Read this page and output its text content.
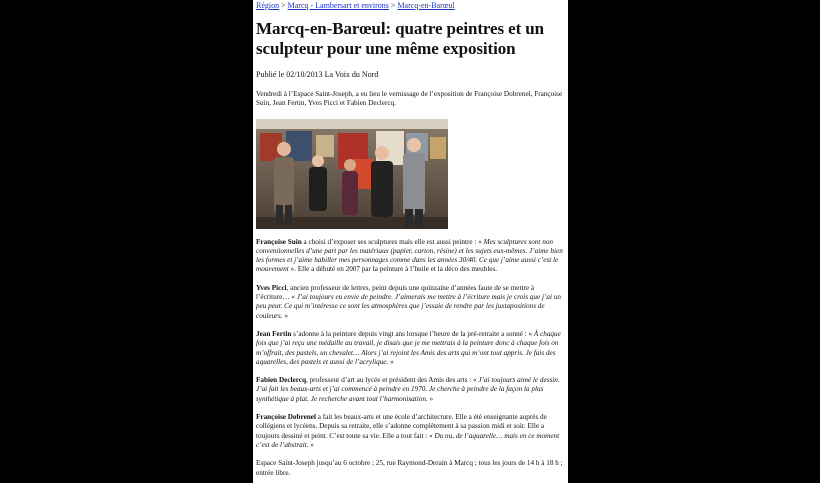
Région > Marcq - Lambersart et environs > Marcq-en-Barœul
Marcq-en-Barœul: quatre peintres et un sculpteur pour une même exposition
Publié le 02/10/2013 La Voix du Nord

Vendredi à l’Espace Saint-Joseph, a eu lieu le vernissage de l’exposition de Françoise Dobrenel, Françoise Suin, Jean Fertin, Yves Picci et Fabien Declercq.

Françoise Suin a choisi d’exposer ses sculptures mais elle est aussi peintre : « Mes sculptures sont non conventionnelles d’une part par les matériaux (papier, carton, résine) et les sujets eux-mêmes. J’aime bien les formes et j’aime habiller mes personnages comme dans les années 30/40. Ce que j’aime aussi c’est le mouvement ». Elle a débuté en 2007 par la peinture à l’huile et la déco des meubles.

Yves Picci, ancien professeur de lettres, peint depuis une quinzaine d’années faute de se mettre à l’écriture… « J’ai toujours eu envie de peindre. J’aimerais me mettre à l’écriture mais je crois que j’ai un peu peur. Ce qui m’intéresse ce sont les atmosphères que j’essaie de rendre par les juxtapositions de couleurs. »

Jean Fertin s’adonne à la peinture depuis vingt ans lorsque l’heure de la pré-retraite a sonné : « À chaque fois que j’ai reçu une médaille au travail, je disais que je me mettrais à la peinture donc à chaque fois on m’offrait, des pastels, un chevalet… Alors j’ai rejoint les Amis des arts qui m’ont tout appris. Je fais des aquarelles, des pastels et aussi de l’acrylique. »

Fabien Declercq, professeur d’art au lycée et président des Amis des arts : « J’ai toujours aimé le dessin. J’ai fait les beaux-arts et j’ai commencé à peindre en 1970. Je cherche à peindre de la façon la plus synthétique à plat. Je recherche avant tout l’harmonisation. »

Françoise Dobrenel a fait les beaux-arts et une école d’architecture. Elle a été enseignante auprès de collégiens et lycéens. Depuis sa retraite, elle s’adonne complètement à sa passion midi et soir. Elle a toujours dessiné et peint. C’est toute sa vie. Elle a tout fait : « Du nu, de l’aquarelle… mais en ce moment c’est de l’abstrait. »

Espace Saint-Joseph jusqu’au 6 octobre ; 25, rue Raymond-Derain à Marcq ; tous les jours de 14 h à 18 h ; entrée libre.
